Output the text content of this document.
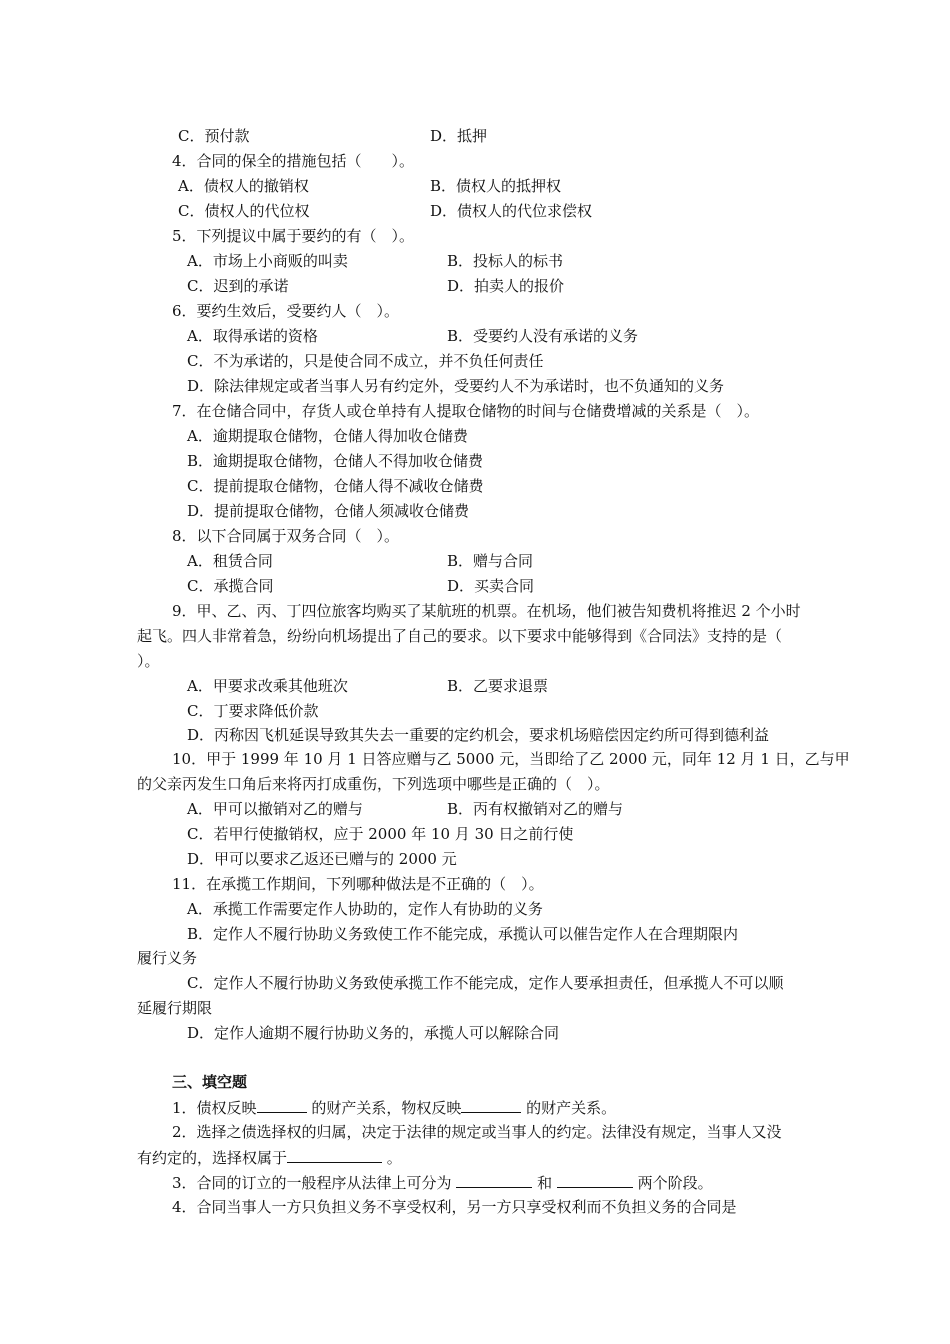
C．预付款	D．抵押
4．合同的保全的措施包括（　　）。
A．债权人的撤销权	B．债权人的抵押权
C．债权人的代位权	D．债权人的代位求偿权
5．下列提议中属于要约的有（　）。
A．市场上小商贩的叫卖	B．投标人的标书
C．迟到的承诺	D．拍卖人的报价
6．要约生效后，受要约人（　）。
A．取得承诺的资格	B．受要约人没有承诺的义务
C．不为承诺的，只是使合同不成立，并不负任何责任
D．除法律规定或者当事人另有约定外，受要约人不为承诺时，也不负通知的义务
7．在仓储合同中，存货人或仓单持有人提取仓储物的时间与仓储费增减的关系是（　）。
A．逾期提取仓储物，仓储人得加收仓储费
B．逾期提取仓储物，仓储人不得加收仓储费
C．提前提取仓储物，仓储人得不减收仓储费
D．提前提取仓储物，仓储人须减收仓储费
8．以下合同属于双务合同（　）。
A．租赁合同	B．赠与合同
C．承揽合同	D．买卖合同
9．甲、乙、丙、丁四位旅客均购买了某航班的机票。在机场，他们被告知费机将推迟 2 个小时
起飞。四人非常着急，纷纷向机场提出了自己的要求。以下要求中能够得到《合同法》支持的是（
）。
A．甲要求改乘其他班次	B．乙要求退票
C．丁要求降低价款
D．丙称因飞机延误导致其失去一重要的定约机会，要求机场赔偿因定约所可得到德利益
10．甲于 1999 年 10 月 1 日答应赠与乙 5000 元，当即给了乙 2000 元，同年 12 月 1 日，乙与甲
的父亲丙发生口角后来将丙打成重伤，下列选项中哪些是正确的（　）。
A．甲可以撤销对乙的赠与	B．丙有权撤销对乙的赠与
C．若甲行使撤销权，应于 2000 年 10 月 30 日之前行使
D．甲可以要求乙返还已赠与的 2000 元
11．在承揽工作期间，下列哪种做法是不正确的（　）。
A．承揽工作需要定作人协助的，定作人有协助的义务
B．定作人不履行协助义务致使工作不能完成，承揽认可以催告定作人在合理期限内
履行义务
C．定作人不履行协助义务致使承揽工作不能完成，定作人要承担责任，但承揽人不可以顺
延履行期限
D．定作人逾期不履行协助义务的，承揽人可以解除合同
三、填空题
1．债权反映	的财产关系，物权反映	的财产关系。
2．选择之债选择权的归属，决定于法律的规定或当事人的约定。法律没有规定，当事人又没
有约定的，选择权属于	。
3．合同的订立的一般程序从法律上可分为	和	两个阶段。
4．合同当事人一方只负担义务不享受权利，另一方只享受权利而不负担义务的合同是
